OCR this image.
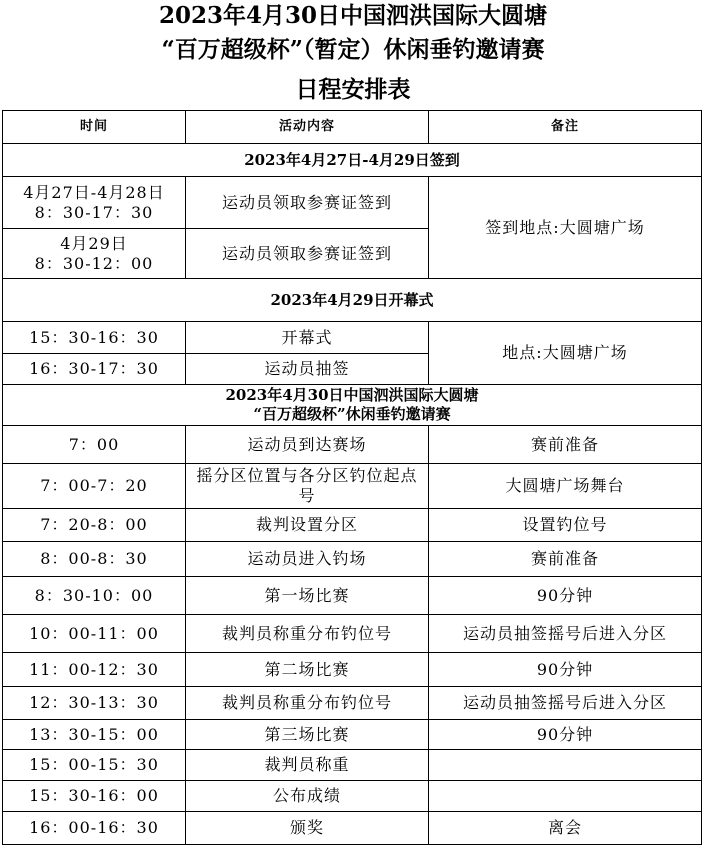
2023年4月30日中国泗洪国际大圆塘
“百万超级杯”（暂定）休闲垂钓邀请赛
日程安排表
时间	活动内容	备注
2023年4月27日-4月29日签到		

4月27日-4月28日
8：30-17：30	运动员领取参赛证签到	签到地点:大圆塘广场

4月29日
8：30-12：00	运动员领取参赛证签到	
2023年4月29日开幕式		
15：30-16：30	开幕式	地点:大圆塘广场
16：30-17：30	运动员抽签	

2023年4月30日中国泗洪国际大圆塘
“百万超级杯”休闲垂钓邀请赛		

7：00	运动员到达赛场	赛前准备
7：00-7：20	摇分区位置与各分区钓位起点号	大圆塘广场舞台
7：20-8：00	裁判设置分区	设置钓位号
8：00-8：30	运动员进入钓场	赛前准备
8：30-10：00	第一场比赛	90分钟
10：00-11：00	裁判员称重分布钓位号	运动员抽签摇号后进入分区
11：00-12：30	第二场比赛	90分钟
12：30-13：30	裁判员称重分布钓位号	运动员抽签摇号后进入分区
13：30-15：00	第三场比赛	90分钟
15：00-15：30	裁判员称重	
15：30-16：00	公布成绩	
16：00-16：30	颁奖	离会
